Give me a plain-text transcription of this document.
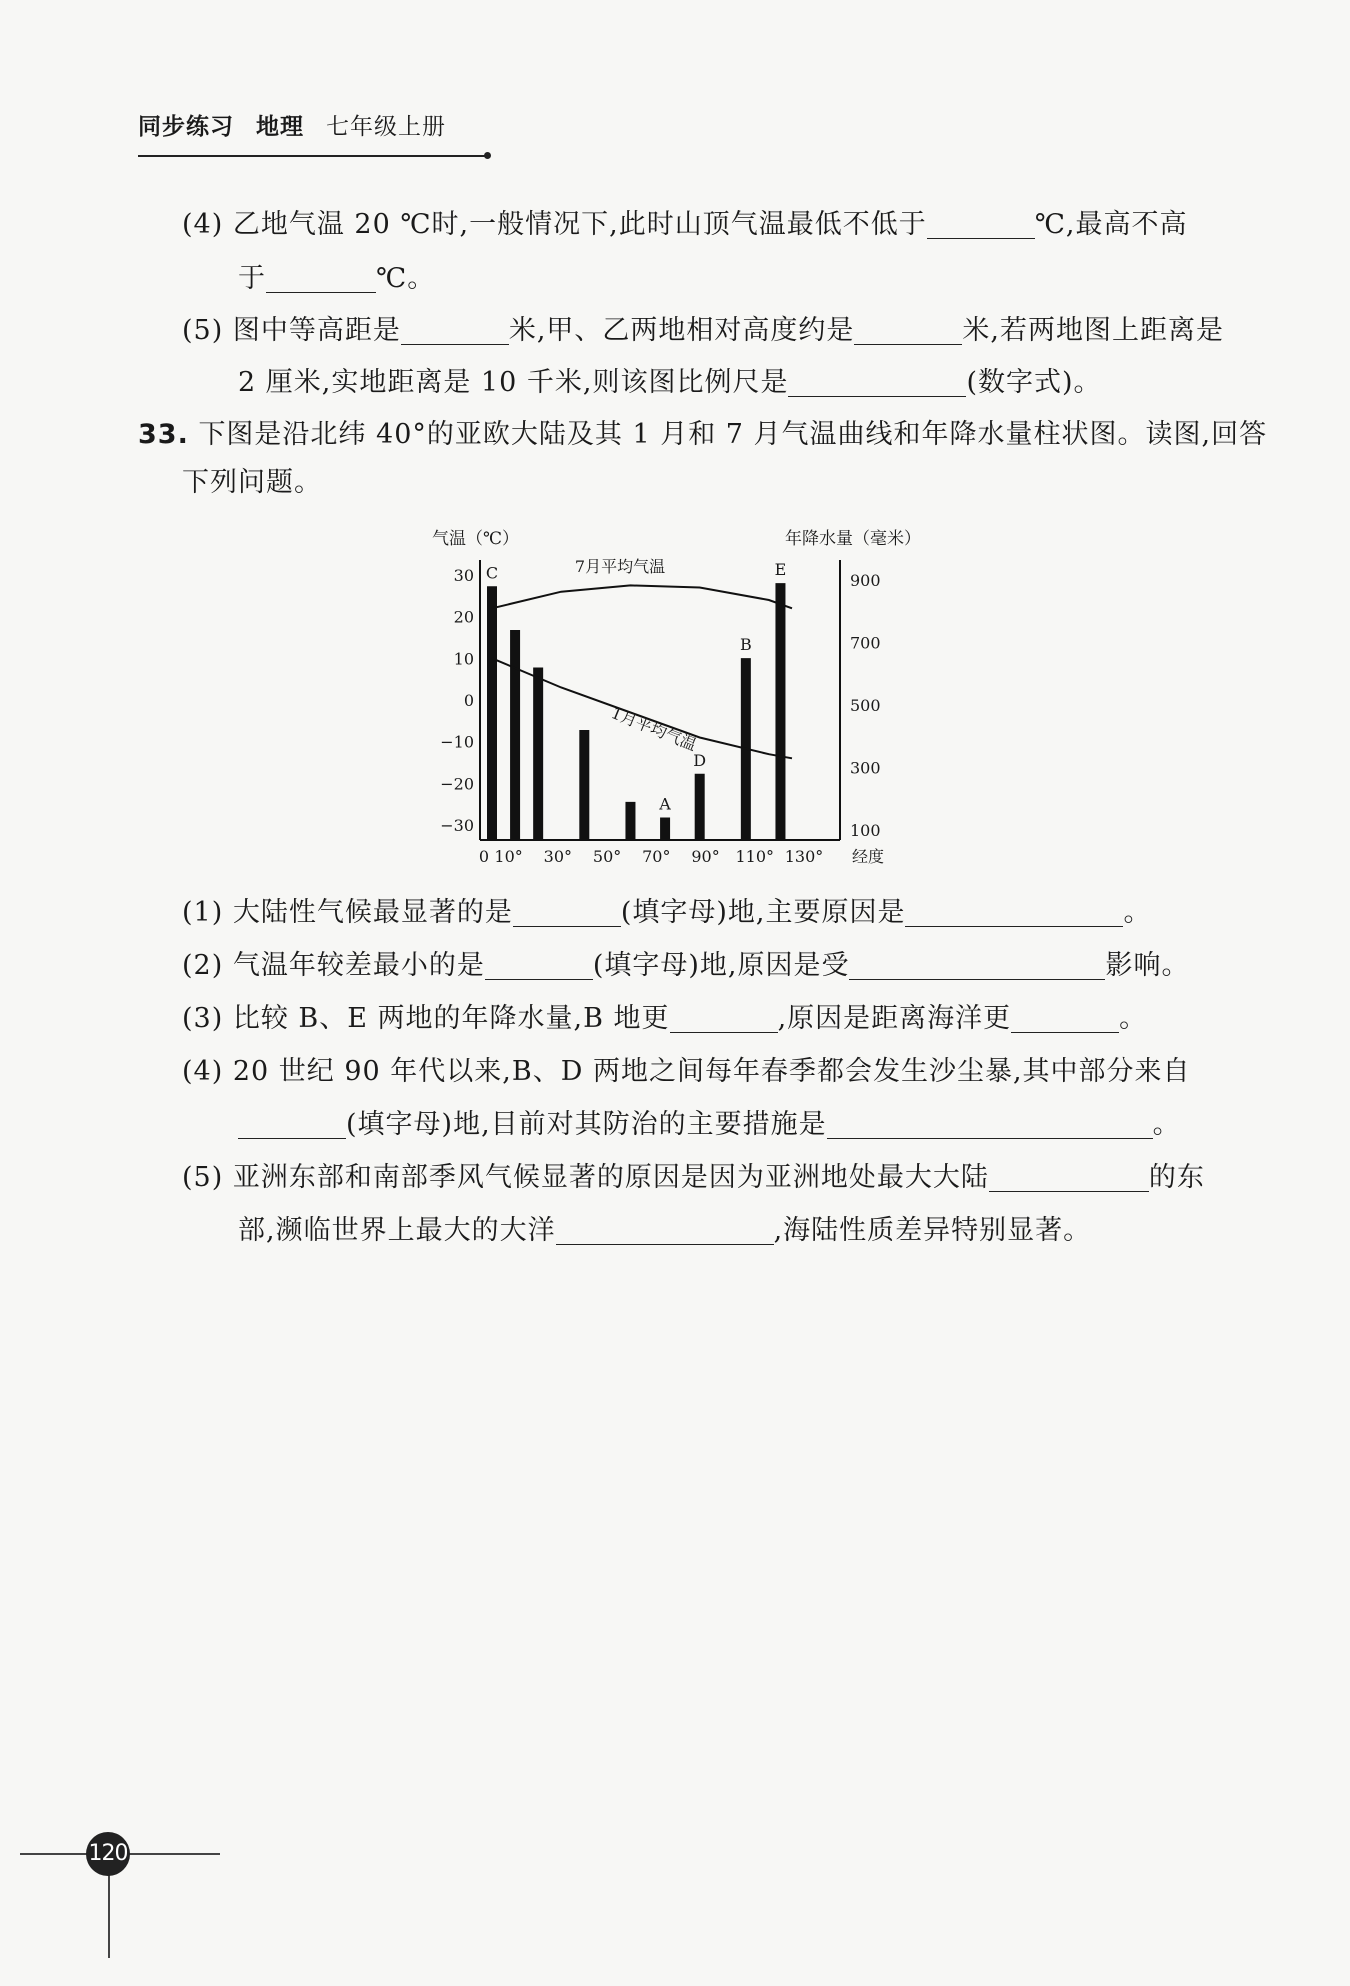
同步练习 地理 七年级上册
(4) 乙地气温 20 ℃时,一般情况下,此时山顶气温最低不低于	℃,最高不高
于	℃。
(5) 图中等高距是	米,甲、乙两地相对高度约是	米,若两地图上距离是
2 厘米,实地距离是 10 千米,则该图比例尺是	(数字式)。
33. 下图是沿北纬 40°的亚欧大陆及其 1 月和 7 月气温曲线和年降水量柱状图。读图,回答
下列问题。
气温（℃）	年降水量（毫米）
30
20
10
0
−10
−20
−30
900
700
500
300
100
0 10° 30° 50° 70° 90° 110° 130° 经度
C
A
D
B
E
7月平均气温
1月平均气温
(1) 大陆性气候最显著的是	(填字母)地,主要原因是	。
(2) 气温年较差最小的是	(填字母)地,原因是受	影响。
(3) 比较 B、E 两地的年降水量,B 地更	,原因是距离海洋更	。
(4) 20 世纪 90 年代以来,B、D 两地之间每年春季都会发生沙尘暴,其中部分来自
(填字母)地,目前对其防治的主要措施是	。
(5) 亚洲东部和南部季风气候显著的原因是因为亚洲地处最大大陆	的东
部,濒临世界上最大的大洋	,海陆性质差异特别显著。
120
